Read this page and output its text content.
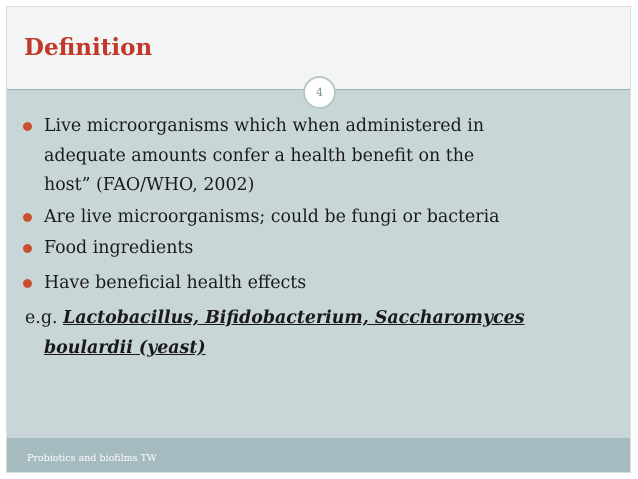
Definition
4
Live microorganisms which when administered in
adequate amounts confer a health benefit on the
host” (FAO/WHO, 2002)
Are live microorganisms; could be fungi or bacteria
Food ingredients
Have beneficial health effects
e.g. Lactobacillus, Bifidobacterium, Saccharomyces
boulardii (yeast)
Probiotics and biofilms TW
